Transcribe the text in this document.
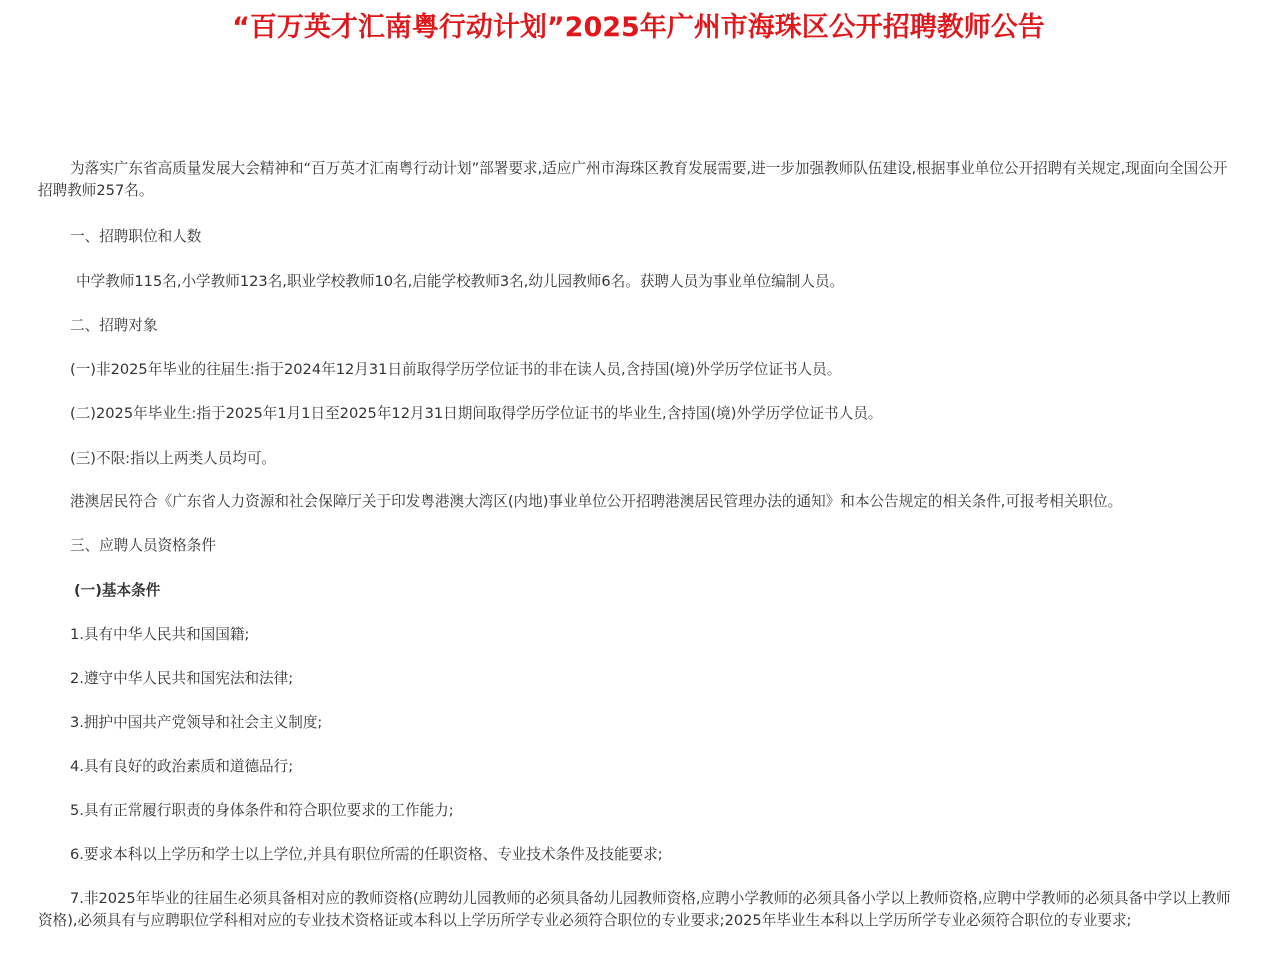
“百万英才汇南粤行动计划”2025年广州市海珠区公开招聘教师公告

为落实广东省高质量发展大会精神和“百万英才汇南粤行动计划”部署要求,适应广州市海珠区教育发展需要,进一步加强教师队伍建设,根据事业单位公开招聘有关规定,现面向全国公开招聘教师257名。

一、招聘职位和人数

中学教师115名,小学教师123名,职业学校教师10名,启能学校教师3名,幼儿园教师6名。获聘人员为事业单位编制人员。

二、招聘对象

(一)非2025年毕业的往届生:指于2024年12月31日前取得学历学位证书的非在读人员,含持国(境)外学历学位证书人员。

(二)2025年毕业生:指于2025年1月1日至2025年12月31日期间取得学历学位证书的毕业生,含持国(境)外学历学位证书人员。

(三)不限:指以上两类人员均可。

港澳居民符合《广东省人力资源和社会保障厅关于印发粤港澳大湾区(内地)事业单位公开招聘港澳居民管理办法的通知》和本公告规定的相关条件,可报考相关职位。

三、应聘人员资格条件

(一)基本条件

1.具有中华人民共和国国籍;

2.遵守中华人民共和国宪法和法律;

3.拥护中国共产党领导和社会主义制度;

4.具有良好的政治素质和道德品行;

5.具有正常履行职责的身体条件和符合职位要求的工作能力;

6.要求本科以上学历和学士以上学位,并具有职位所需的任职资格、专业技术条件及技能要求;

7.非2025年毕业的往届生必须具备相对应的教师资格(应聘幼儿园教师的必须具备幼儿园教师资格,应聘小学教师的必须具备小学以上教师资格,应聘中学教师的必须具备中学以上教师资格),必须具有与应聘职位学科相对应的专业技术资格证或本科以上学历所学专业必须符合职位的专业要求;2025年毕业生本科以上学历所学专业必须符合职位的专业要求;
